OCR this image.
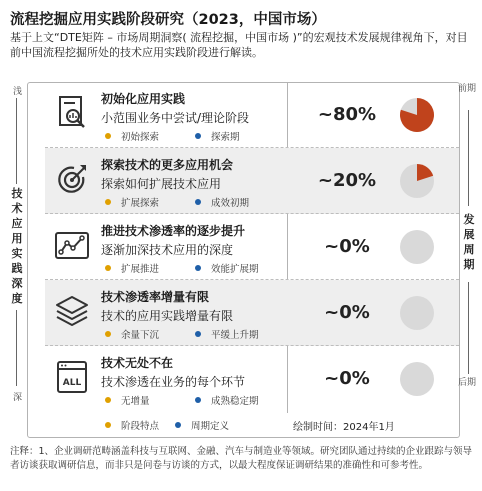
流程挖掘应用实践阶段研究（2023，中国市场）
基于上文“DTE矩阵 – 市场周期洞察( 流程挖掘，中国市场 )”的宏观技术发展规律视角下，对目前中国流程挖掘所处的技术应用实践阶段进行解读。
浅
技术应用实践深度
深
前期
发展周期
后期
初始化应用实践
小范围业务中尝试/理论阶段
初始探索	探索期
~80%
探索技术的更多应用机会
探索如何扩展技术应用
扩展探索	成效初期
~20%
推进技术渗透率的逐步提升
逐渐加深技术应用的深度
扩展推进	效能扩展期
~0%
技术渗透率增量有限
技术的应用实践增量有限
余量下沉	平缓上升期
~0%
ALL
技术无处不在
技术渗透在业务的每个环节
无增量	成熟稳定期
~0%
阶段特点	周期定义	绘制时间：2024年1月
注释：1、企业调研范畴涵盖科技与互联网、金融、汽车与制造业等领域。研究团队通过持续的企业跟踪与领导者访谈获取调研信息，而非只是问卷与访谈的方式，以最大程度保证调研结果的准确性和可参考性。
